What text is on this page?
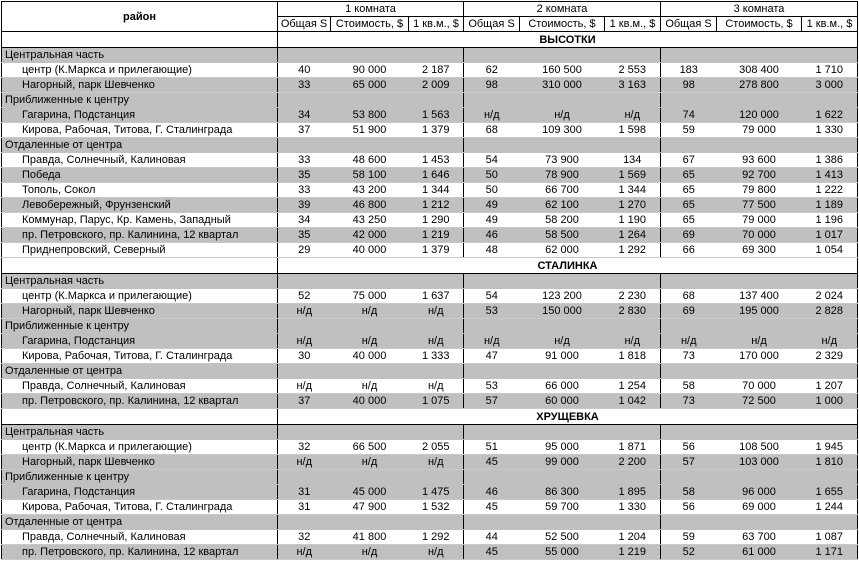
район	1 комната			2 комната			3 комната		
	Общая S	Стоимость, $	1 кв.м., $	Общая S	Стоимость, $	1 кв.м., $	Общая S	Стоимость, $	1 кв.м., $
	ВЫСОТКИ								
Центральная часть									
центр (К.Маркса и прилегающие)	40	90 000	2 187	62	160 500	2 553	183	308 400	1 710
Нагорный, парк Шевченко	33	65 000	2 009	98	310 000	3 163	98	278 800	3 000
Приближенные к центру									
Гагарина, Подстанция	34	53 800	1 563	н/д	н/д	н/д	74	120 000	1 622
Кирова, Рабочая, Титова, Г. Сталинграда	37	51 900	1 379	68	109 300	1 598	59	79 000	1 330
Отдаленные от центра									
Правда, Солнечный, Калиновая	33	48 600	1 453	54	73 900	134	67	93 600	1 386
Победа	35	58 100	1 646	50	78 900	1 569	65	92 700	1 413
Тополь, Сокол	33	43 200	1 344	50	66 700	1 344	65	79 800	1 222
Левобережный, Фрунзенский	39	46 800	1 212	49	62 100	1 270	65	77 500	1 189
Коммунар, Парус, Кр. Камень, Западный	34	43 250	1 290	49	58 200	1 190	65	79 000	1 196
пр. Петровского, пр. Калинина, 12 квартал	35	42 000	1 219	46	58 500	1 264	69	70 000	1 017
Приднепровский, Северный	29	40 000	1 379	48	62 000	1 292	66	69 300	1 054
	СТАЛИНКА								
Центральная часть									
центр (К.Маркса и прилегающие)	52	75 000	1 637	54	123 200	2 230	68	137 400	2 024
Нагорный, парк Шевченко	н/д	н/д	н/д	53	150 000	2 830	69	195 000	2 828
Приближенные к центру									
Гагарина, Подстанция	н/д	н/д	н/д	н/д	н/д	н/д	н/д	н/д	н/д
Кирова, Рабочая, Титова, Г. Сталинграда	30	40 000	1 333	47	91 000	1 818	73	170 000	2 329
Отдаленные от центра									
Правда, Солнечный, Калиновая	н/д	н/д	н/д	53	66 000	1 254	58	70 000	1 207
пр. Петровского, пр. Калинина, 12 квартал	37	40 000	1 075	57	60 000	1 042	73	72 500	1 000
	ХРУЩЕВКА								
Центральная часть									
центр (К.Маркса и прилегающие)	32	66 500	2 055	51	95 000	1 871	56	108 500	1 945
Нагорный, парк Шевченко	н/д	н/д	н/д	45	99 000	2 200	57	103 000	1 810
Приближенные к центру									
Гагарина, Подстанция	31	45 000	1 475	46	86 300	1 895	58	96 000	1 655
Кирова, Рабочая, Титова, Г. Сталинграда	31	47 900	1 532	45	59 700	1 330	56	69 000	1 244
Отдаленные от центра									
Правда, Солнечный, Калиновая	32	41 800	1 292	44	52 500	1 204	59	63 700	1 087
пр. Петровского, пр. Калинина, 12 квартал	н/д	н/д	н/д	45	55 000	1 219	52	61 000	1 171
